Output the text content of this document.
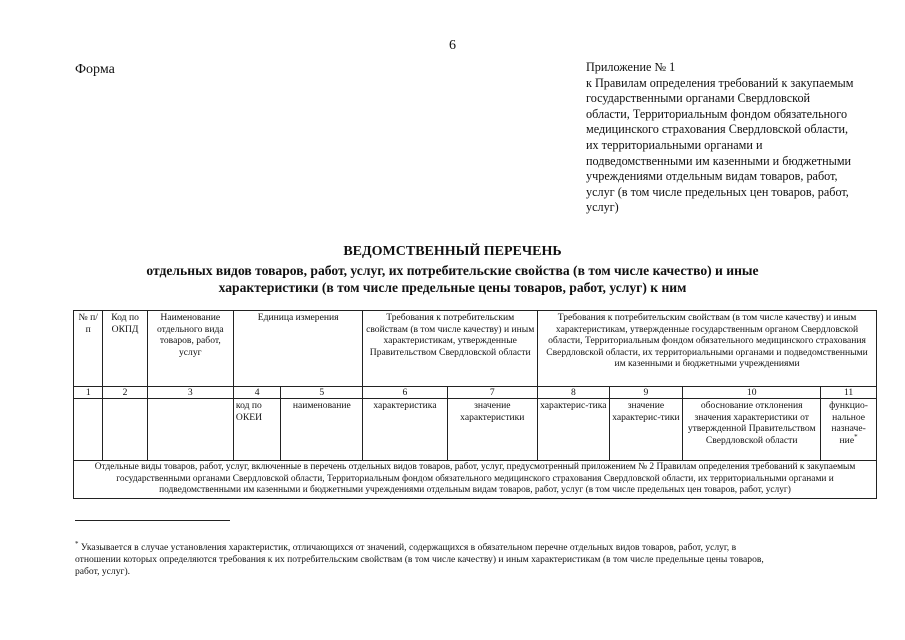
6
Форма	Приложение № 1
к Правилам определения требований к закупаемым
государственными органами Свердловской
области, Территориальным фондом обязательного
медицинского страхования Свердловской области,
их территориальными органами и
подведомственными им казенными и бюджетными
учреждениями отдельным видам товаров, работ,
услуг (в том числе предельных цен товаров, работ,
услуг)
ВЕДОМСТВЕННЫЙ ПЕРЕЧЕНЬ
отдельных видов товаров, работ, услуг, их потребительские свойства (в том числе качество) и иные
характеристики (в том числе предельные цены товаров, работ, услуг) к ним
№ п/п	Код по ОКПД	Наименование отдельного вида товаров, работ, услуг	Единица измерения		Требования к потребительским свойствам (в том числе качеству) и иным характеристикам, утвержденные Правительством Свердловской области		Требования к потребительским свойствам (в том числе качеству) и иным характеристикам, утвержденные государственным органом Свердловской области, Территориальным фондом обязательного медицинского страхования Свердловской области, их территориальными органами и подведомственными им казенными и бюджетными учреждениями			
1	2	3	4	5	6	7	8	9	10	11
			код по ОКЕИ	наименование	характеристика	значение характеристики	характерис-тика	значение характерис-тики	обоснование отклонения значения характеристики от утвержденной Правительством Свердловской области	функцио-нальное назначе-ние*
Отдельные виды товаров, работ, услуг, включенные в перечень отдельных видов товаров, работ, услуг, предусмотренный приложением № 2 Правилам определения требований к закупаемым государственными органами Свердловской области, Территориальным фондом обязательного медицинского страхования Свердловской области, их территориальными органами и подведомственными им казенными и бюджетными учреждениями отдельным видам товаров, работ, услуг (в том числе предельных цен товаров, работ, услуг)										
* Указывается в случае установления характеристик, отличающихся от значений, содержащихся в обязательном перечне отдельных видов товаров, работ, услуг, в
отношении которых определяются требования к их потребительским свойствам (в том числе качеству) и иным характеристикам (в том числе предельные цены товаров,
работ, услуг).
